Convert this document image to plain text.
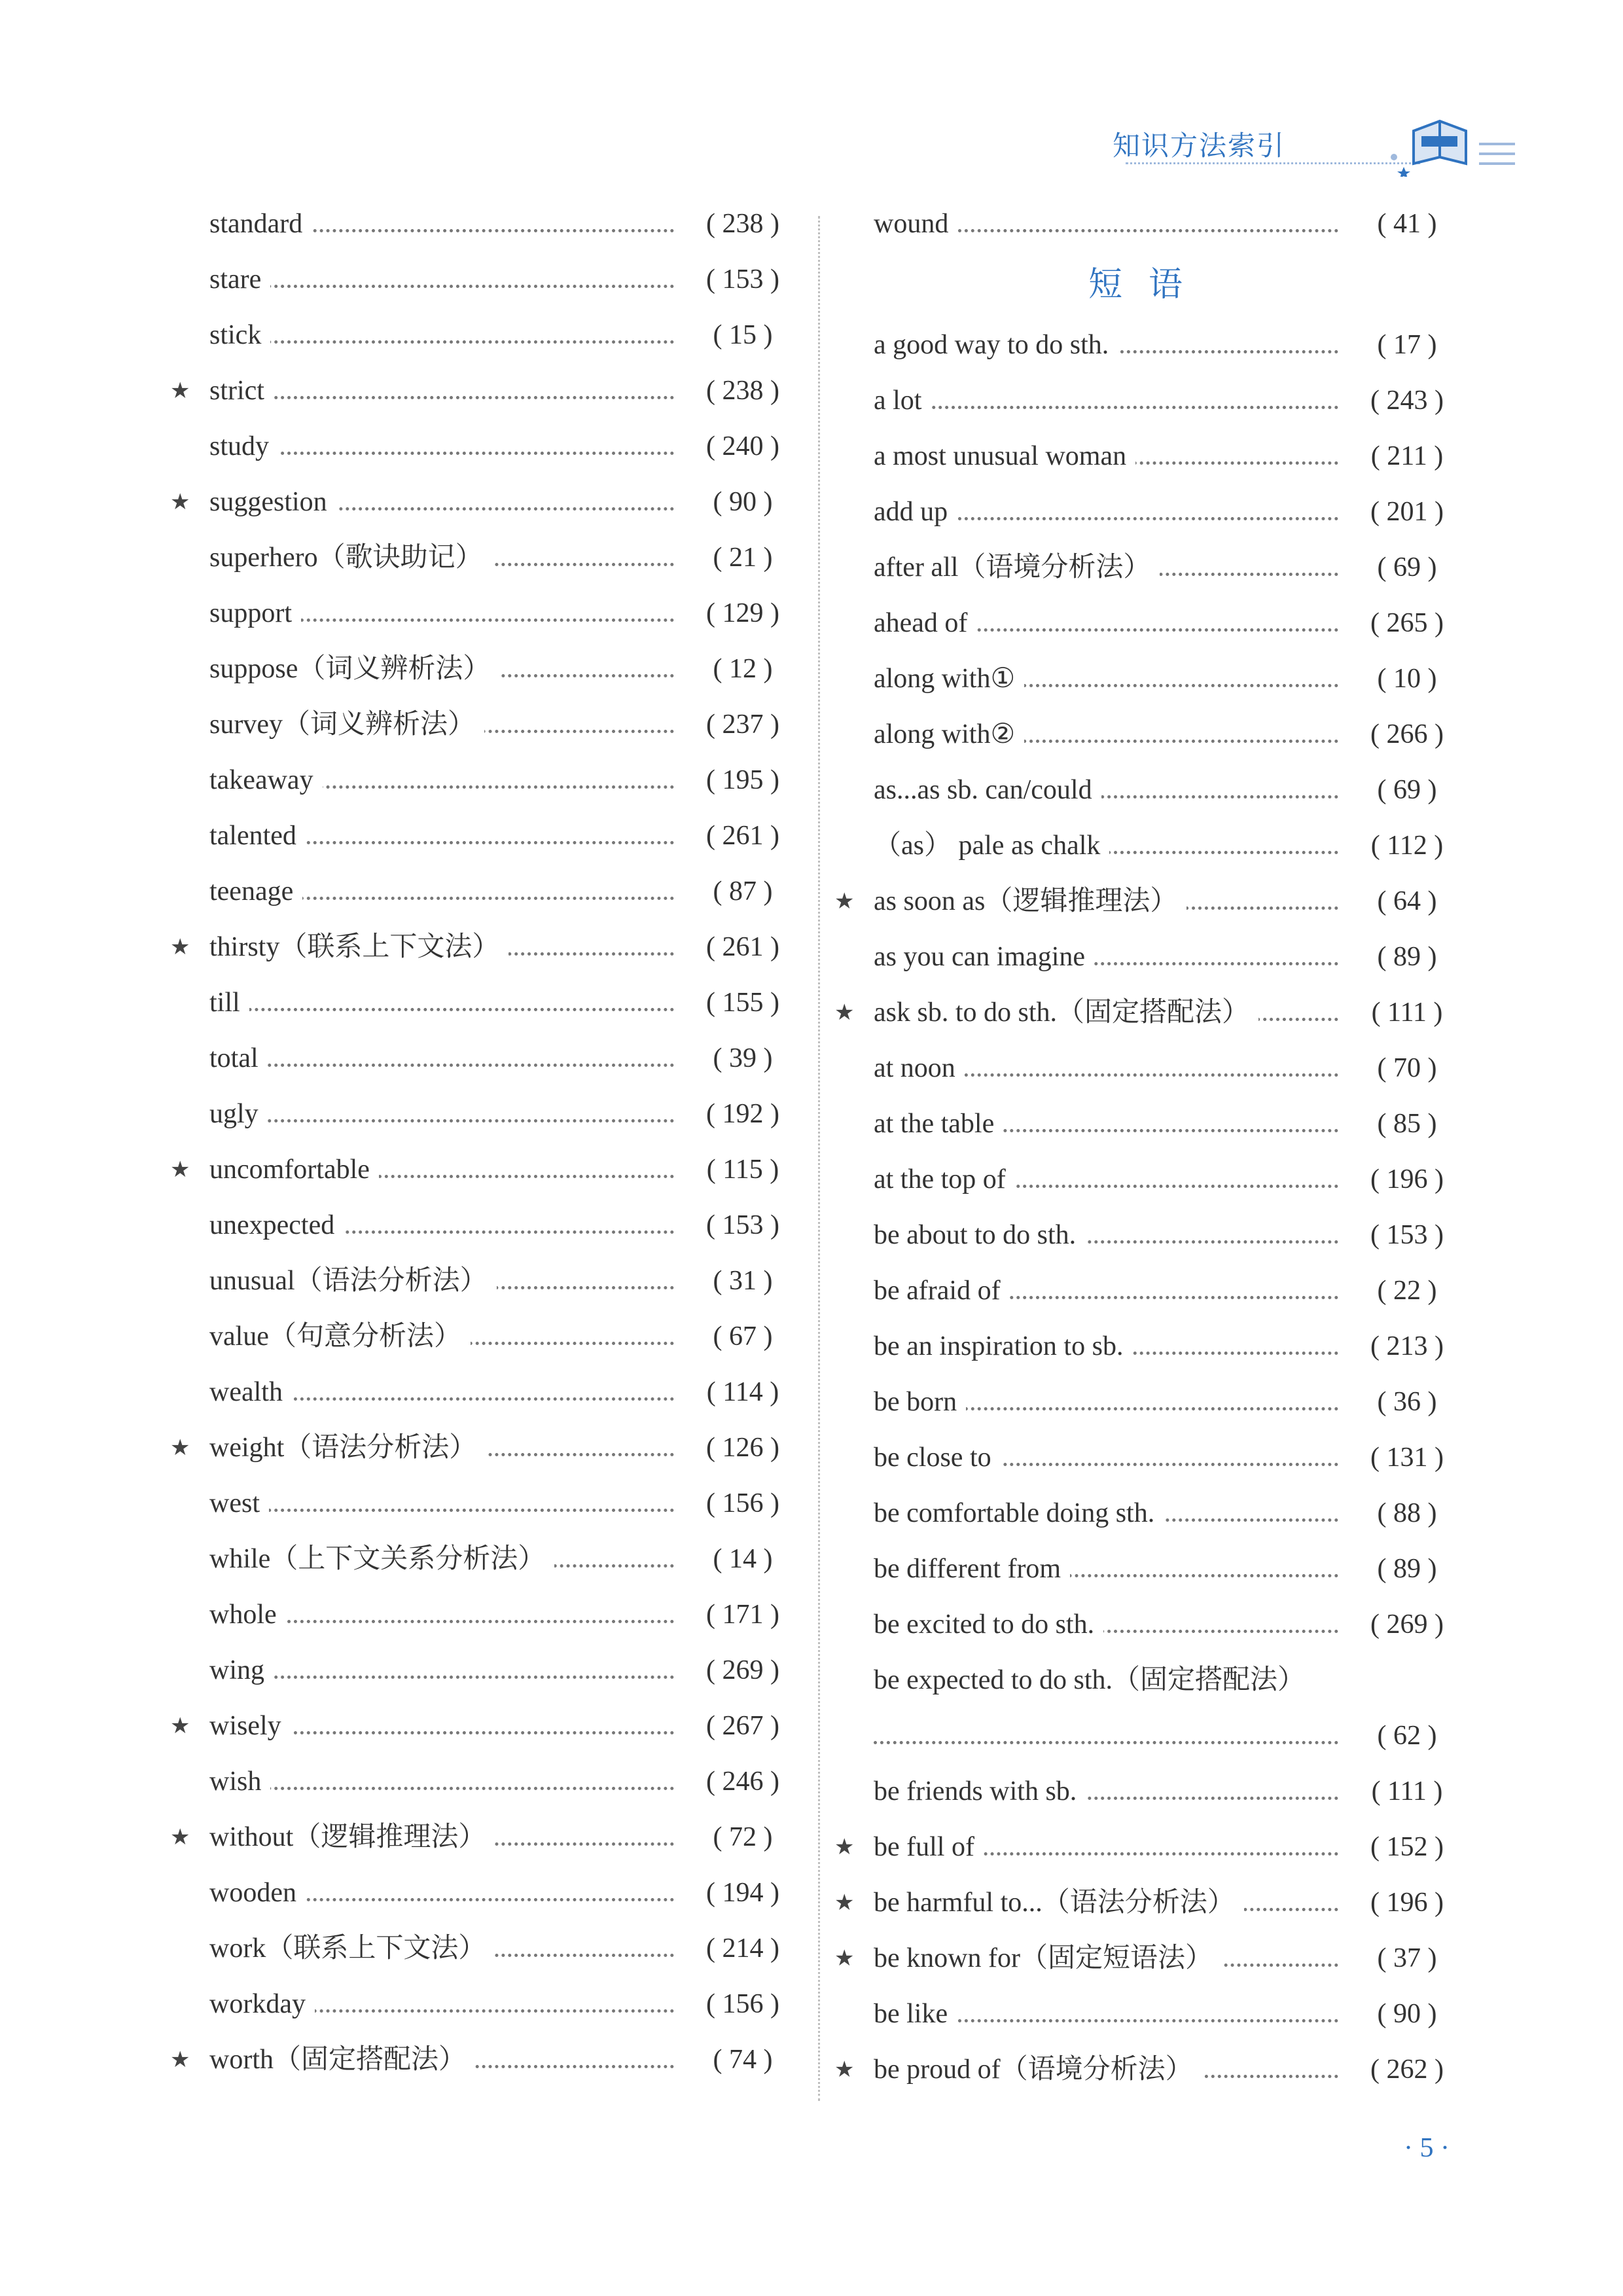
知识方法索引
standard	( 238 )
stare	( 153 )
stick	( 15 )
★ strict	( 238 )
study	( 240 )
★ suggestion	( 90 )
superhero（歌诀助记）	( 21 )
support	( 129 )
suppose（词义辨析法）	( 12 )
survey（词义辨析法）	( 237 )
takeaway	( 195 )
talented	( 261 )
teenage	( 87 )
★ thirsty（联系上下文法）	( 261 )
till	( 155 )
total	( 39 )
ugly	( 192 )
★ uncomfortable	( 115 )
unexpected	( 153 )
unusual（语法分析法）	( 31 )
value（句意分析法）	( 67 )
wealth	( 114 )
★ weight（语法分析法）	( 126 )
west	( 156 )
while（上下文关系分析法）	( 14 )
whole	( 171 )
wing	( 269 )
★ wisely	( 267 )
wish	( 246 )
★ without（逻辑推理法）	( 72 )
wooden	( 194 )
work（联系上下文法）	( 214 )
workday	( 156 )
★ worth（固定搭配法）	( 74 )
wound	( 41 )
短语
a good way to do sth.	( 17 )
a lot	( 243 )
a most unusual woman	( 211 )
add up	( 201 )
after all（语境分析法）	( 69 )
ahead of	( 265 )
along with①	( 10 )
along with②	( 266 )
as...as sb. can/could	( 69 )
（as） pale as chalk	( 112 )
★ as soon as（逻辑推理法）	( 64 )
as you can imagine	( 89 )
★ ask sb. to do sth.（固定搭配法）	( 111 )
at noon	( 70 )
at the table	( 85 )
at the top of	( 196 )
be about to do sth.	( 153 )
be afraid of	( 22 )
be an inspiration to sb.	( 213 )
be born	( 36 )
be close to	( 131 )
be comfortable doing sth.	( 88 )
be different from	( 89 )
be excited to do sth.	( 269 )
be expected to do sth.（固定搭配法）
( 62 )
be friends with sb.	( 111 )
★ be full of	( 152 )
★ be harmful to...（语法分析法）	( 196 )
★ be known for（固定短语法）	( 37 )
be like	( 90 )
★ be proud of（语境分析法）	( 262 )
· 5 ·
